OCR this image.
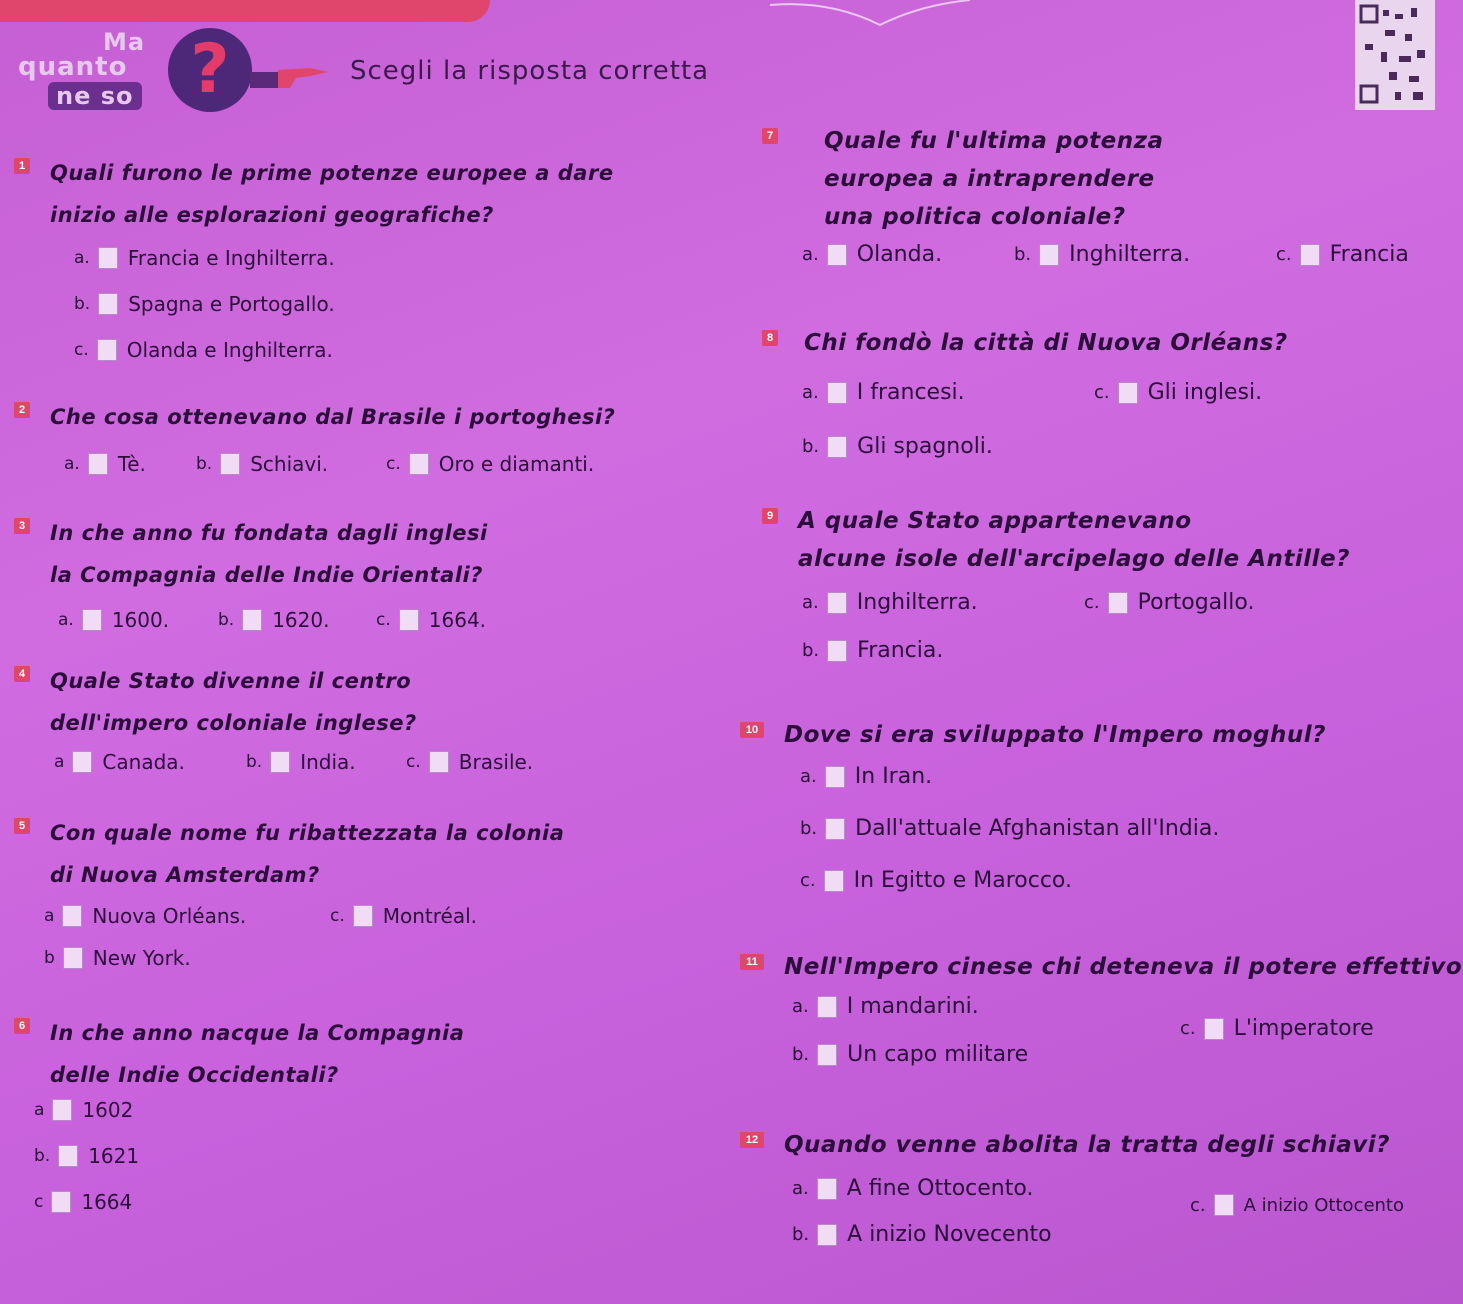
Ma
quanto
ne so ?	Scegli la risposta corretta
1 Quali furono le prime potenze europee a dare
inizio alle esplorazioni geografiche?
a. Francia e Inghilterra.
b. Spagna e Portogallo.
c. Olanda e Inghilterra.
2 Che cosa ottenevano dal Brasile i portoghesi?
a. Tè.	b. Schiavi.	c. Oro e diamanti.
3 In che anno fu fondata dagli inglesi
la Compagnia delle Indie Orientali?
a. 1600.	b. 1620.	c. 1664.
4 Quale Stato divenne il centro
dell'impero coloniale inglese?
a Canada.	b. India.	c. Brasile.
5 Con quale nome fu ribattezzata la colonia
di Nuova Amsterdam?
a Nuova Orléans.	c. Montréal.
b New York.
6 In che anno nacque la Compagnia
delle Indie Occidentali?
a 1602
b. 1621
c 1664
7 Quale fu l'ultima potenza
europea a intraprendere
una politica coloniale?
a. Olanda.	b. Inghilterra.	c. Francia
8 Chi fondò la città di Nuova Orléans?
a. I francesi.	c. Gli inglesi.
b. Gli spagnoli.
9 A quale Stato appartenevano
alcune isole dell'arcipelago delle Antille?
a. Inghilterra.	c. Portogallo.
b. Francia.
10 Dove si era sviluppato l'Impero moghul?
a. In Iran.
b. Dall'attuale Afghanistan all'India.
c. In Egitto e Marocco.
11 Nell'Impero cinese chi deteneva il potere effettivo
a. I mandarini.
c. L'imperatore
b. Un capo militare
12 Quando venne abolita la tratta degli schiavi?
a. A fine Ottocento.
c. A inizio Ottocento
b. A inizio Novecento
